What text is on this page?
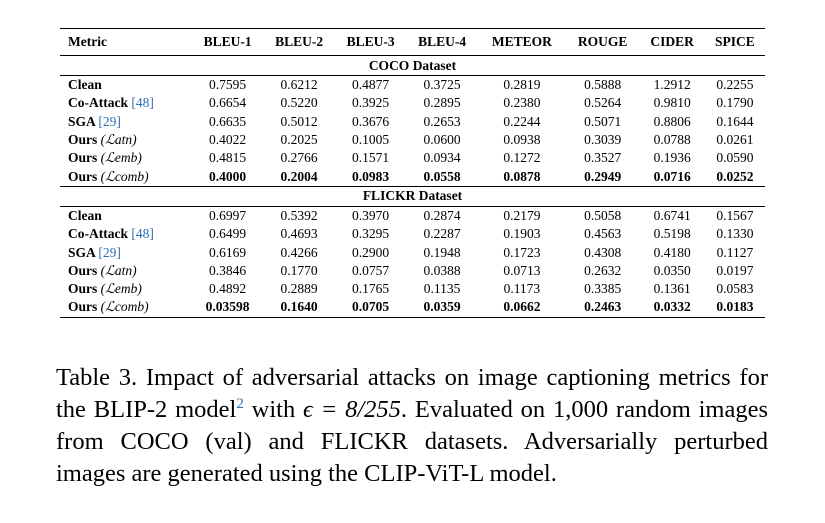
Metric	BLEU-1	BLEU-2	BLEU-3	BLEU-4	METEOR	ROUGE	CIDER	SPICE
COCO Dataset								
Clean	0.7595	0.6212	0.4877	0.3725	0.2819	0.5888	1.2912	0.2255
Co-Attack [48]	0.6654	0.5220	0.3925	0.2895	0.2380	0.5264	0.9810	0.1790
SGA [29]	0.6635	0.5012	0.3676	0.2653	0.2244	0.5071	0.8806	0.1644
Ours (ℒatn)	0.4022	0.2025	0.1005	0.0600	0.0938	0.3039	0.0788	0.0261
Ours (ℒemb)	0.4815	0.2766	0.1571	0.0934	0.1272	0.3527	0.1936	0.0590
Ours (ℒcomb)	0.4000	0.2004	0.0983	0.0558	0.0878	0.2949	0.0716	0.0252
FLICKR Dataset								
Clean	0.6997	0.5392	0.3970	0.2874	0.2179	0.5058	0.6741	0.1567
Co-Attack [48]	0.6499	0.4693	0.3295	0.2287	0.1903	0.4563	0.5198	0.1330
SGA [29]	0.6169	0.4266	0.2900	0.1948	0.1723	0.4308	0.4180	0.1127
Ours (ℒatn)	0.3846	0.1770	0.0757	0.0388	0.0713	0.2632	0.0350	0.0197
Ours (ℒemb)	0.4892	0.2889	0.1765	0.1135	0.1173	0.3385	0.1361	0.0583
Ours (ℒcomb)	0.03598	0.1640	0.0705	0.0359	0.0662	0.2463	0.0332	0.0183
Table 3. Impact of adversarial attacks on image captioning metrics for the BLIP-2 model$^2$ with ϵ = 8/255. Evaluated on 1,000 random images from COCO (val) and FLICKR datasets. Adversarially perturbed images are generated using the CLIP-ViT-L model.
